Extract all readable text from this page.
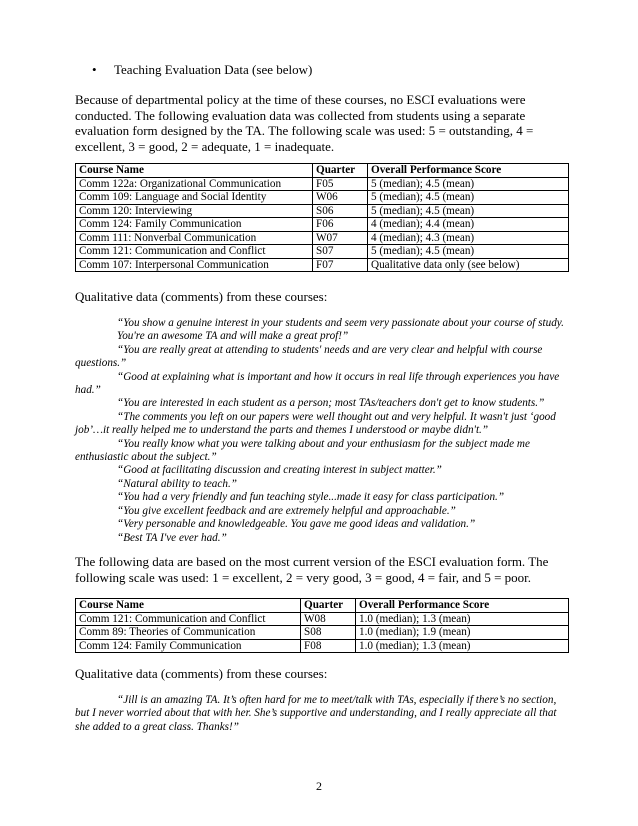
• Teaching Evaluation Data (see below)
Because of departmental policy at the time of these courses, no ESCI evaluations were conducted. The following evaluation data was collected from students using a separate evaluation form designed by the TA. The following scale was used: 5 = outstanding, 4 = excellent, 3 = good, 2 = adequate, 1 = inadequate.
Course Name	Quarter	Overall Performance Score
Comm 122a: Organizational Communication	F05	5 (median); 4.5 (mean)
Comm 109: Language and Social Identity	W06	5 (median); 4.5 (mean)
Comm 120: Interviewing	S06	5 (median); 4.5 (mean)
Comm 124: Family Communication	F06	4 (median); 4.4 (mean)
Comm 111: Nonverbal Communication	W07	4 (median); 4.3 (mean)
Comm 121: Communication and Conflict	S07	5 (median); 4.5 (mean)
Comm 107: Interpersonal Communication	F07	Qualitative data only (see below)
Qualitative data (comments) from these courses:

“You show a genuine interest in your students and seem very passionate about your course of study. You're an awesome TA and will make a great prof!”

“You are really great at attending to students' needs and are very clear and helpful with course questions.”

“Good at explaining what is important and how it occurs in real life through experiences you have had.”

“You are interested in each student as a person; most TAs/teachers don't get to know students.”

“The comments you left on our papers were well thought out and very helpful. It wasn't just ‘good job’…it really helped me to understand the parts and themes I understood or maybe didn't.”

“You really know what you were talking about and your enthusiasm for the subject made me enthusiastic about the subject.”

“Good at facilitating discussion and creating interest in subject matter.”

“Natural ability to teach.”

“You had a very friendly and fun teaching style...made it easy for class participation.”

“You give excellent feedback and are extremely helpful and approachable.”

“Very personable and knowledgeable. You gave me good ideas and validation.”

“Best TA I've ever had.”

The following data are based on the most current version of the ESCI evaluation form. The following scale was used: 1 = excellent, 2 = very good, 3 = good, 4 = fair, and 5 = poor.
Course Name	Quarter	Overall Performance Score
Comm 121: Communication and Conflict	W08	1.0 (median); 1.3 (mean)
Comm 89: Theories of Communication	S08	1.0 (median); 1.9 (mean)
Comm 124: Family Communication	F08	1.0 (median); 1.3 (mean)
Qualitative data (comments) from these courses:

“Jill is an amazing TA. It’s often hard for me to meet/talk with TAs, especially if there’s no section, but I never worried about that with her. She’s supportive and understanding, and I really appreciate all that she added to a great class. Thanks!”

2
